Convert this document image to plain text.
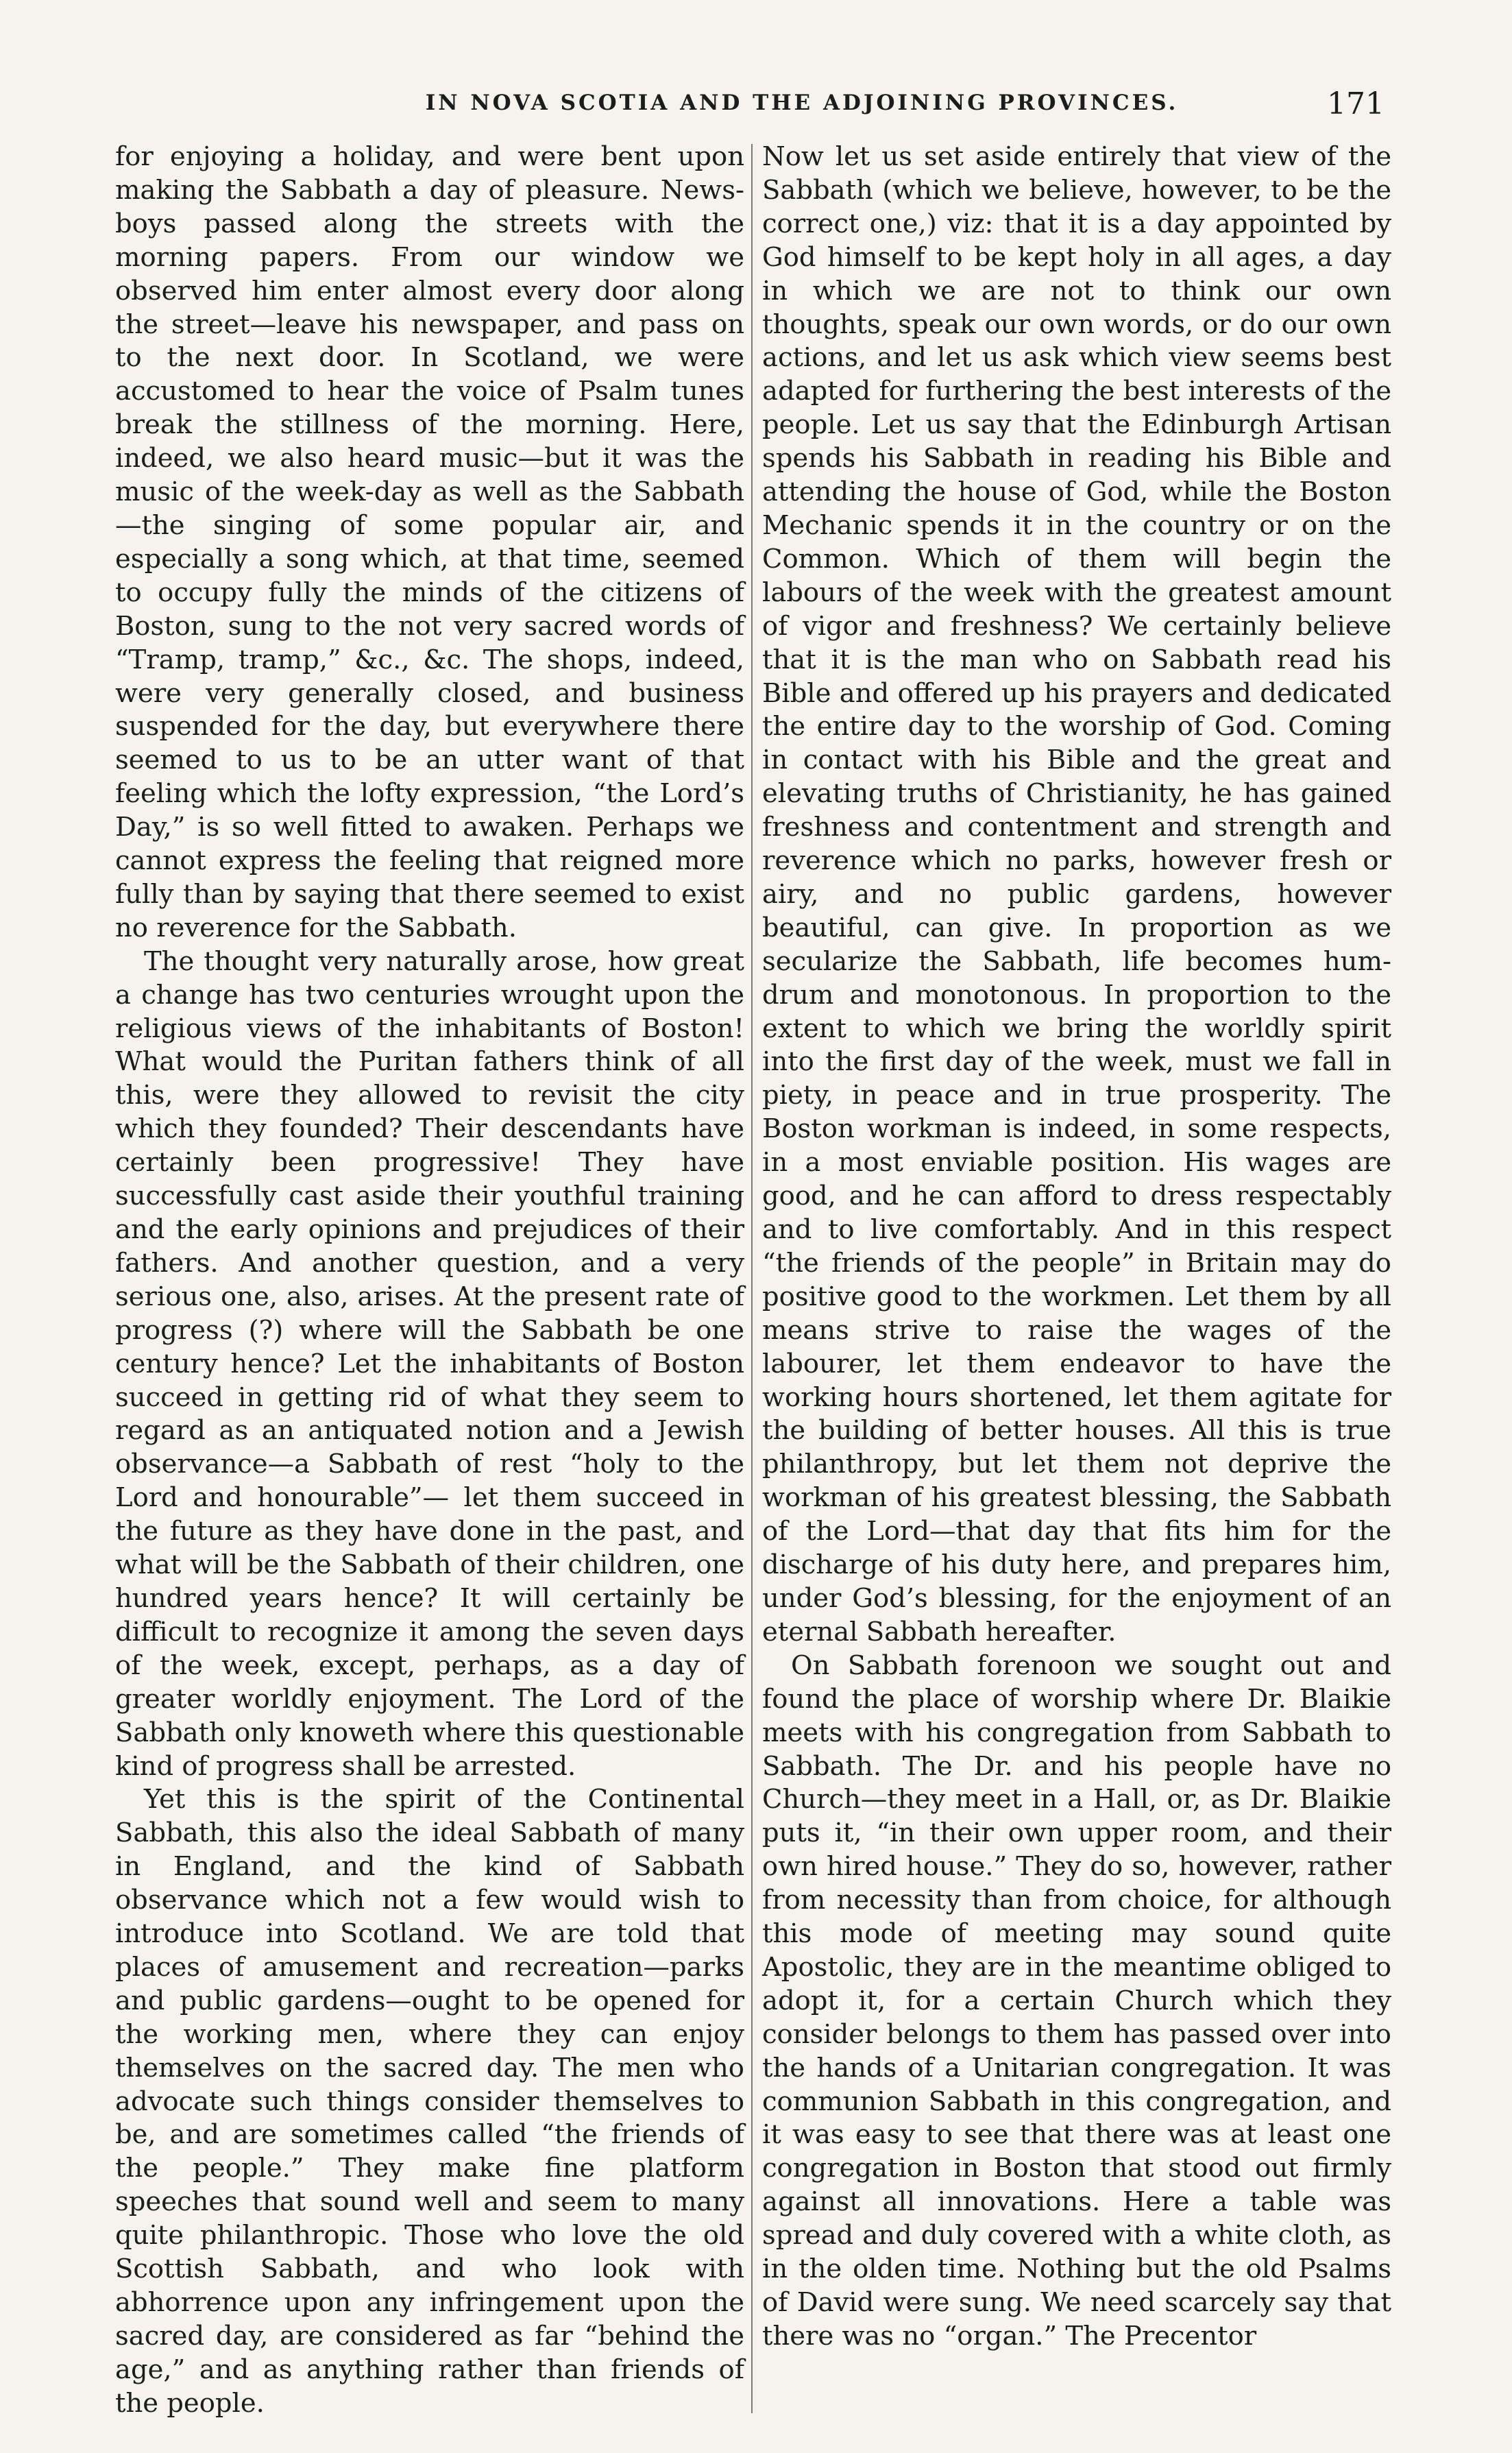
IN NOVA SCOTIA AND THE ADJOINING PROVINCES.	171

for enjoying a holiday, and were bent upon making the Sabbath a day of pleasure. News-boys passed along the streets with the morning papers. From our window we observed him enter almost every door along the street—leave his newspaper, and pass on to the next door. In Scotland, we were accustomed to hear the voice of Psalm tunes break the stillness of the morning. Here, indeed, we also heard music—but it was the music of the week-day as well as the Sabbath —the singing of some popular air, and especially a song which, at that time, seemed to occupy fully the minds of the citizens of Boston, sung to the not very sacred words of “Tramp, tramp,” &c., &c. The shops, indeed, were very generally closed, and business suspended for the day, but everywhere there seemed to us to be an utter want of that feeling which the lofty expression, “the Lord’s Day,” is so well fitted to awaken. Perhaps we cannot express the feeling that reigned more fully than by saying that there seemed to exist no reverence for the Sabbath.

The thought very naturally arose, how great a change has two centuries wrought upon the religious views of the inhabitants of Boston! What would the Puritan fathers think of all this, were they allowed to revisit the city which they founded? Their descendants have certainly been progressive! They have successfully cast aside their youthful training and the early opinions and prejudices of their fathers. And another question, and a very serious one, also, arises. At the present rate of progress (?) where will the Sabbath be one century hence? Let the inhabitants of Boston succeed in getting rid of what they seem to regard as an antiquated notion and a Jewish observance—a Sabbath of rest “holy to the Lord and honourable”— let them succeed in the future as they have done in the past, and what will be the Sabbath of their children, one hundred years hence? It will certainly be difficult to recognize it among the seven days of the week, except, perhaps, as a day of greater worldly enjoyment. The Lord of the Sabbath only knoweth where this questionable kind of progress shall be arrested.

Yet this is the spirit of the Continental Sabbath, this also the ideal Sabbath of many in England, and the kind of Sabbath observance which not a few would wish to introduce into Scotland. We are told that places of amusement and recreation—parks and public gardens—ought to be opened for the working men, where they can enjoy themselves on the sacred day. The men who advocate such things consider themselves to be, and are sometimes called “the friends of the people.” They make fine platform speeches that sound well and seem to many quite philanthropic. Those who love the old Scottish Sabbath, and who look with abhorrence upon any infringement upon the sacred day, are considered as far “behind the age,” and as anything rather than friends of the people.

Now let us set aside entirely that view of the Sabbath (which we believe, however, to be the correct one,) viz: that it is a day appointed by God himself to be kept holy in all ages, a day in which we are not to think our own thoughts, speak our own words, or do our own actions, and let us ask which view seems best adapted for furthering the best interests of the people. Let us say that the Edinburgh Artisan spends his Sabbath in reading his Bible and attending the house of God, while the Boston Mechanic spends it in the country or on the Common. Which of them will begin the labours of the week with the greatest amount of vigor and freshness? We certainly believe that it is the man who on Sabbath read his Bible and offered up his prayers and dedicated the entire day to the worship of God. Coming in contact with his Bible and the great and elevating truths of Christianity, he has gained freshness and contentment and strength and reverence which no parks, however fresh or airy, and no public gardens, however beautiful, can give. In proportion as we secularize the Sabbath, life becomes hum-drum and monotonous. In proportion to the extent to which we bring the worldly spirit into the first day of the week, must we fall in piety, in peace and in true prosperity. The Boston workman is indeed, in some respects, in a most enviable position. His wages are good, and he can afford to dress respectably and to live comfortably. And in this respect “the friends of the people” in Britain may do positive good to the workmen. Let them by all means strive to raise the wages of the labourer, let them endeavor to have the working hours shortened, let them agitate for the building of better houses. All this is true philanthropy, but let them not deprive the workman of his greatest blessing, the Sabbath of the Lord—that day that fits him for the discharge of his duty here, and prepares him, under God’s blessing, for the enjoyment of an eternal Sabbath hereafter.

On Sabbath forenoon we sought out and found the place of worship where Dr. Blaikie meets with his congregation from Sabbath to Sabbath. The Dr. and his people have no Church—they meet in a Hall, or, as Dr. Blaikie puts it, “in their own upper room, and their own hired house.” They do so, however, rather from necessity than from choice, for although this mode of meeting may sound quite Apostolic, they are in the meantime obliged to adopt it, for a certain Church which they consider belongs to them has passed over into the hands of a Unitarian congregation. It was communion Sabbath in this congregation, and it was easy to see that there was at least one congregation in Boston that stood out firmly against all innovations. Here a table was spread and duly covered with a white cloth, as in the olden time. Nothing but the old Psalms of David were sung. We need scarcely say that there was no “organ.” The Precentor
